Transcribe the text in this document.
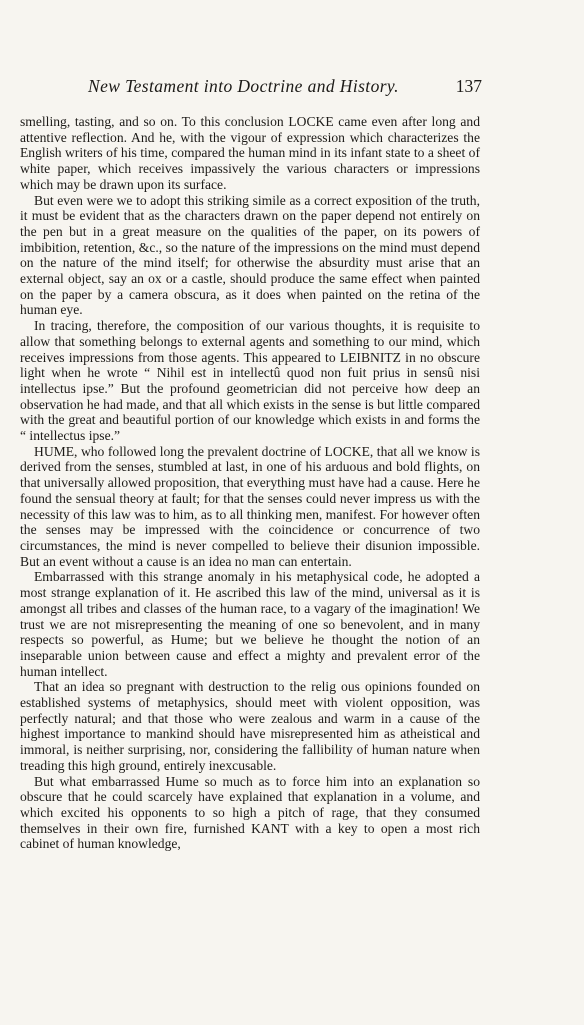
New Testament into Doctrine and History.	137

smelling, tasting, and so on. To this conclusion LOCKE came even after long and attentive reflection. And he, with the vigour of expression which characterizes the English writers of his time, compared the human mind in its infant state to a sheet of white paper, which receives impassively the various characters or impressions which may be drawn upon its surface.

But even were we to adopt this striking simile as a correct exposition of the truth, it must be evident that as the characters drawn on the paper depend not entirely on the pen but in a great measure on the qualities of the paper, on its powers of imbibition, retention, &c., so the nature of the impressions on the mind must depend on the nature of the mind itself; for otherwise the absurdity must arise that an external object, say an ox or a castle, should produce the same effect when painted on the paper by a camera obscura, as it does when painted on the retina of the human eye.

In tracing, therefore, the composition of our various thoughts, it is requisite to allow that something belongs to external agents and something to our mind, which receives impressions from those agents. This appeared to LEIBNITZ in no obscure light when he wrote “ Nihil est in intellectû quod non fuit prius in sensû nisi intellectus ipse.” But the profound geometrician did not perceive how deep an observation he had made, and that all which exists in the sense is but little compared with the great and beautiful portion of our knowledge which exists in and forms the “ intellectus ipse.”

HUME, who followed long the prevalent doctrine of LOCKE, that all we know is derived from the senses, stumbled at last, in one of his arduous and bold flights, on that universally allowed proposition, that everything must have had a cause. Here he found the sensual theory at fault; for that the senses could never impress us with the necessity of this law was to him, as to all thinking men, manifest. For however often the senses may be impressed with the coincidence or concurrence of two circumstances, the mind is never compelled to believe their disunion impossible. But an event without a cause is an idea no man can entertain.

Embarrassed with this strange anomaly in his metaphysical code, he adopted a most strange explanation of it. He ascribed this law of the mind, universal as it is amongst all tribes and classes of the human race, to a vagary of the imagination! We trust we are not misrepresenting the meaning of one so benevolent, and in many respects so powerful, as Hume; but we believe he thought the notion of an inseparable union between cause and effect a mighty and prevalent error of the human intellect.

That an idea so pregnant with destruction to the relig ous opinions founded on established systems of metaphysics, should meet with violent opposition, was perfectly natural; and that those who were zealous and warm in a cause of the highest importance to mankind should have misrepresented him as atheistical and immoral, is neither surprising, nor, considering the fallibility of human nature when treading this high ground, entirely inexcusable.

But what embarrassed Hume so much as to force him into an explanation so obscure that he could scarcely have explained that explanation in a volume, and which excited his opponents to so high a pitch of rage, that they consumed themselves in their own fire, furnished KANT with a key to open a most rich cabinet of human knowledge,
